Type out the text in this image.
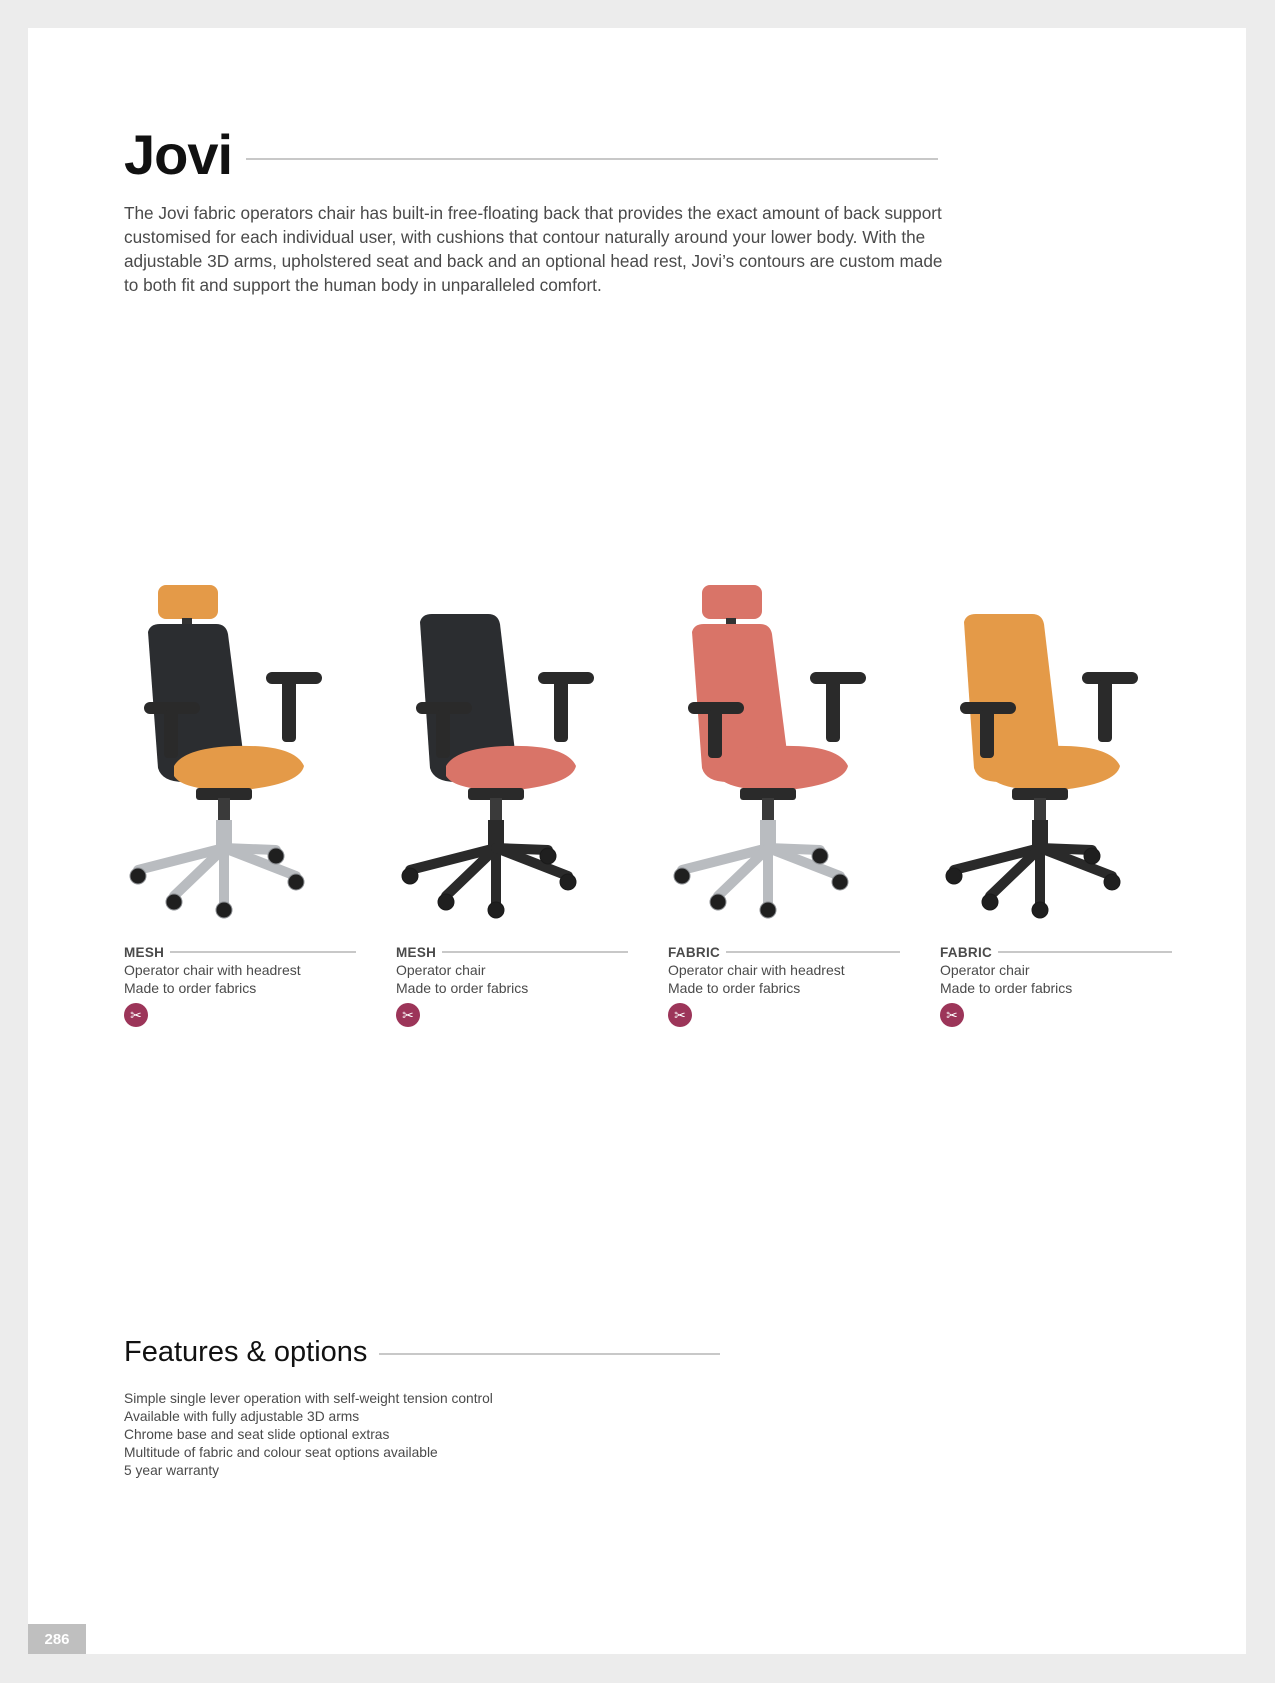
Jovi

The Jovi fabric operators chair has built-in free-floating back that provides the exact amount of back support customised for each individual user, with cushions that contour naturally around your lower body. With the adjustable 3D arms, upholstered seat and back and an optional head rest, Jovi’s contours are custom made to both fit and support the human body in unparalleled comfort.

MESH
Operator chair with headrest
Made to order fabrics
✂
MESH
Operator chair
Made to order fabrics
✂
FABRIC
Operator chair with headrest
Made to order fabrics
✂
FABRIC
Operator chair
Made to order fabrics
✂
Features & options
Simple single lever operation with self-weight tension control
Available with fully adjustable 3D arms
Chrome base and seat slide optional extras
Multitude of fabric and colour seat options available
5 year warranty
286
